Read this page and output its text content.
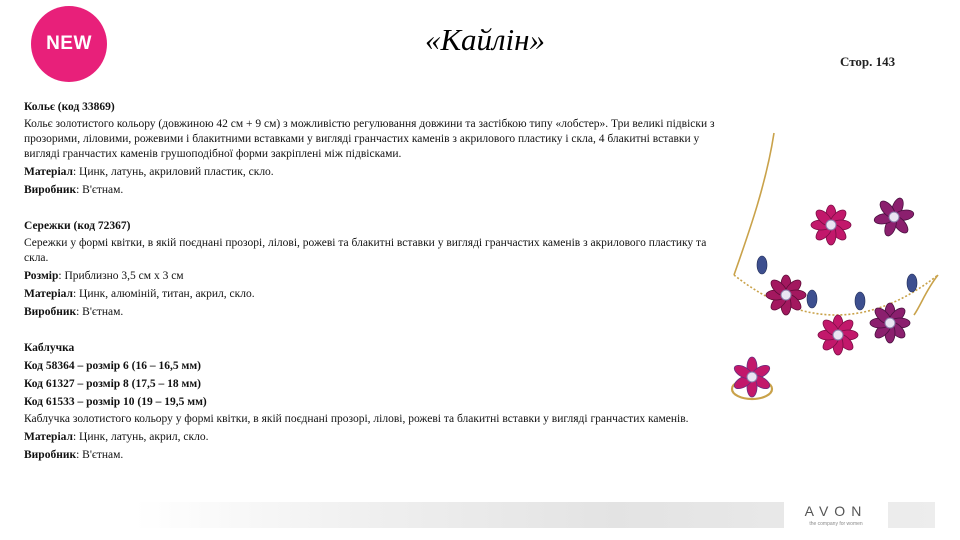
NEW	«Кайлін»
Стор. 143
Кольє (код 33869)
Кольє золотистого кольору (довжиною 42 см + 9 см) з можливістю регулювання довжини та застібкою типу «лобстер». Три великі підвіски з прозорими, ліловими, рожевими і блакитними вставками у вигляді гранчастих каменів з акрилового пластику і скла, 4 блакитні вставки у вигляді гранчастих каменів грушоподібної форми закріплені між підвісками.
Матеріал: Цинк, латунь, акриловий пластик, скло.
Виробник: В'єтнам.
Сережки (код 72367)
Сережки у формі квітки, в якій поєднані прозорі, лілові, рожеві та блакитні вставки у вигляді гранчастих каменів з акрилового пластику та скла.
Розмір: Приблизно 3,5 см х 3 см
Матеріал: Цинк, алюміній, титан, акрил, скло.
Виробник: В'єтнам.
Каблучка
Код 58364 – розмір 6 (16 – 16,5 мм)
Код 61327 – розмір 8 (17,5 – 18 мм)
Код 61533 – розмір 10 (19 – 19,5 мм)
Каблучка золотистого кольору у формі квітки, в якій поєднані прозорі, лілові, рожеві та блакитні вставки у вигляді гранчастих каменів.
Матеріал: Цинк, латунь, акрил, скло.
Виробник: В'єтнам.
AVON
the company for women
